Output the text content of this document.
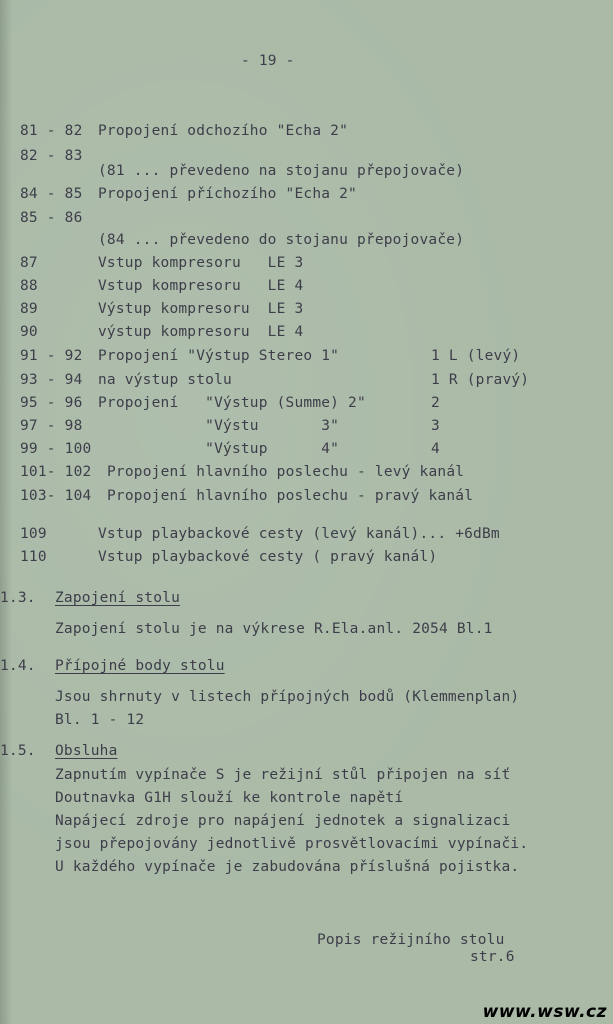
- 19 -
81 - 82 Propojení odchozího "Echa 2"
82 - 83
(81 ... převedeno na stojanu přepojovače)
84 - 85 Propojení příchozího "Echa 2"
85 - 86
(84 ... převedeno do stojanu přepojovače)
87	Vstup kompresoru   LE 3
88	Vstup kompresoru   LE 4
89	Výstup kompresoru  LE 3
90	výstup kompresoru  LE 4
91 - 92 Propojení "Výstup Stereo 1"	1 L (levý)
93 - 94 na výstup stolu	1 R (pravý)
95 - 96 Propojení   "Výstup (Summe) 2"	2
97 - 98 "Výstu       3"	3
99 - 100 "Výstup      4"	4
101- 102 Propojení hlavního poslechu - levý kanál
103- 104 Propojení hlavního poslechu - pravý kanál
109	Vstup playbackové cesty (levý kanál)... +6dBm
110	Vstup playbackové cesty ( pravý kanál)
1.3. Zapojení stolu
Zapojení stolu je na výkrese R.Ela.anl. 2054 Bl.1
1.4. Přípojné body stolu
Jsou shrnuty v listech přípojných bodů (Klemmenplan)
Bl. 1 - 12
1.5. Obsluha
Zapnutím vypínače S je režijní stůl připojen na síť
Doutnavka G1H slouží ke kontrole napětí
Napájecí zdroje pro napájení jednotek a signalizaci
jsou přepojovány jednotlivě prosvětlovacími vypínači.
U každého vypínače je zabudována příslušná pojistka.
Popis režijního stolu
str.6
www.wsw.cz
